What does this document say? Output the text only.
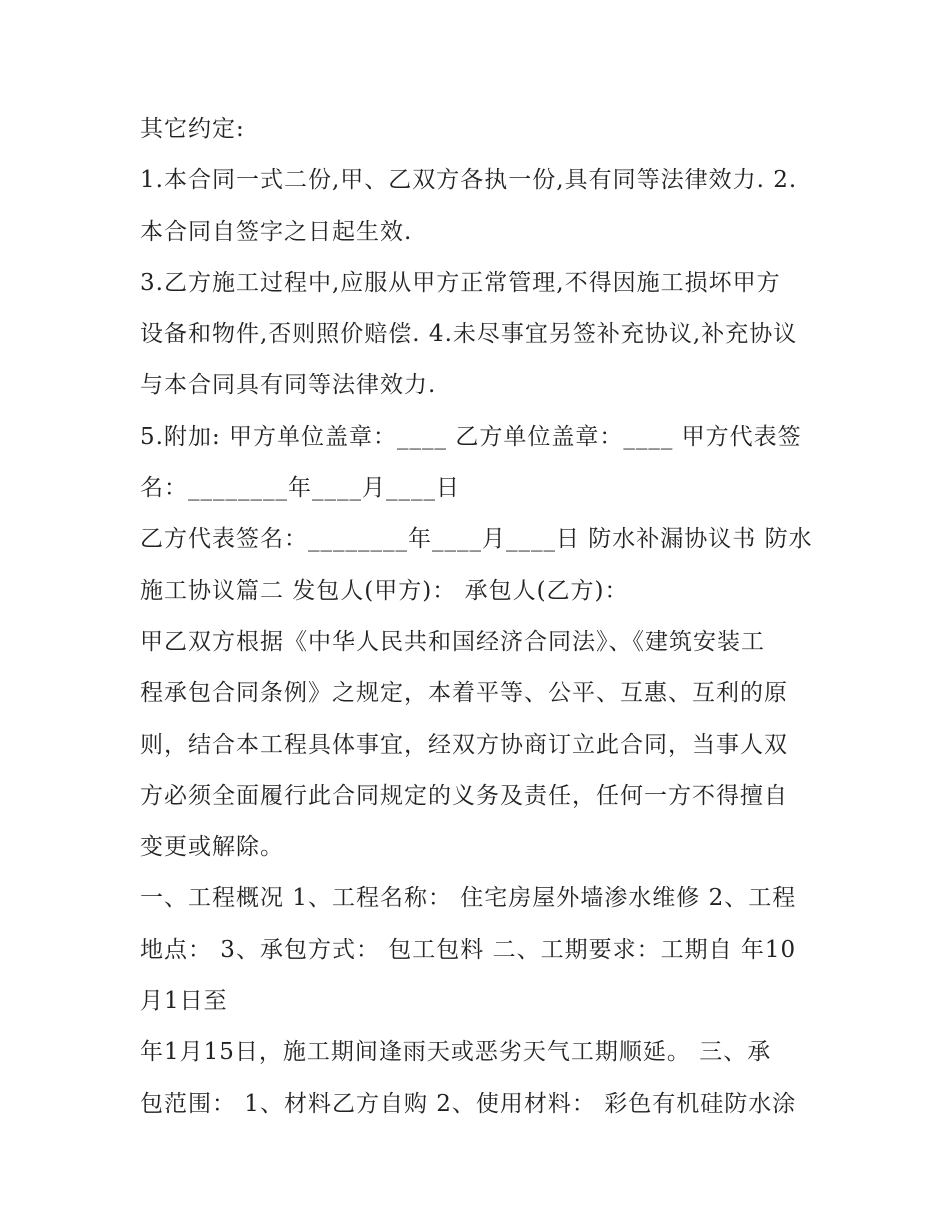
其它约定:
1.本合同一式二份,甲、乙双方各执一份,具有同等法律效力. 2.
本合同自签字之日起生效.
3.乙方施工过程中,应服从甲方正常管理,不得因施工损坏甲方
设备和物件,否则照价赔偿. 4.未尽事宜另签补充协议,补充协议
与本合同具有同等法律效力.
5.附加: 甲方单位盖章：____ 乙方单位盖章：____ 甲方代表签
名：________年____月____日
乙方代表签名：________年____月____日 防水补漏协议书 防水
施工协议篇二 发包人(甲方)： 承包人(乙方)：
甲乙双方根据《中华人民共和国经济合同法》、《建筑安装工
程承包合同条例》之规定，本着平等、公平、互惠、互利的原
则，结合本工程具体事宜，经双方协商订立此合同，当事人双
方必须全面履行此合同规定的义务及责任，任何一方不得擅自
变更或解除。
一、工程概况 1、工程名称： 住宅房屋外墙渗水维修 2、工程
地点： 3、承包方式： 包工包料 二、工期要求：工期自 年10
月1日至
年1月15日，施工期间逢雨天或恶劣天气工期顺延。 三、承
包范围： 1、材料乙方自购 2、使用材料： 彩色有机硅防水涂
